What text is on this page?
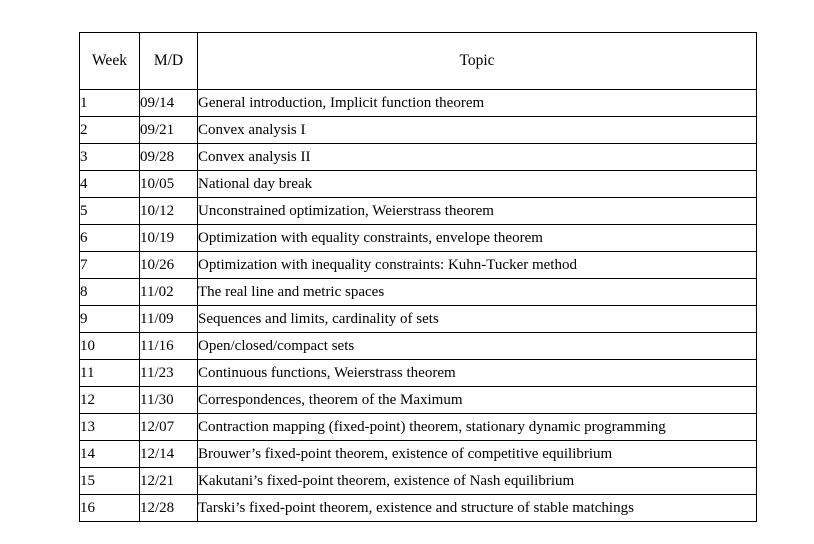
Week	M/D	Topic
1	09/14	General introduction, Implicit function theorem
2	09/21	Convex analysis I
3	09/28	Convex analysis II
4	10/05	National day break
5	10/12	Unconstrained optimization, Weierstrass theorem
6	10/19	Optimization with equality constraints, envelope theorem
7	10/26	Optimization with inequality constraints: Kuhn-Tucker method
8	11/02	The real line and metric spaces
9	11/09	Sequences and limits, cardinality of sets
10	11/16	Open/closed/compact sets
11	11/23	Continuous functions, Weierstrass theorem
12	11/30	Correspondences, theorem of the Maximum
13	12/07	Contraction mapping (fixed-point) theorem, stationary dynamic programming
14	12/14	Brouwer’s fixed-point theorem, existence of competitive equilibrium
15	12/21	Kakutani’s fixed-point theorem, existence of Nash equilibrium
16	12/28	Tarski’s fixed-point theorem, existence and structure of stable matchings
